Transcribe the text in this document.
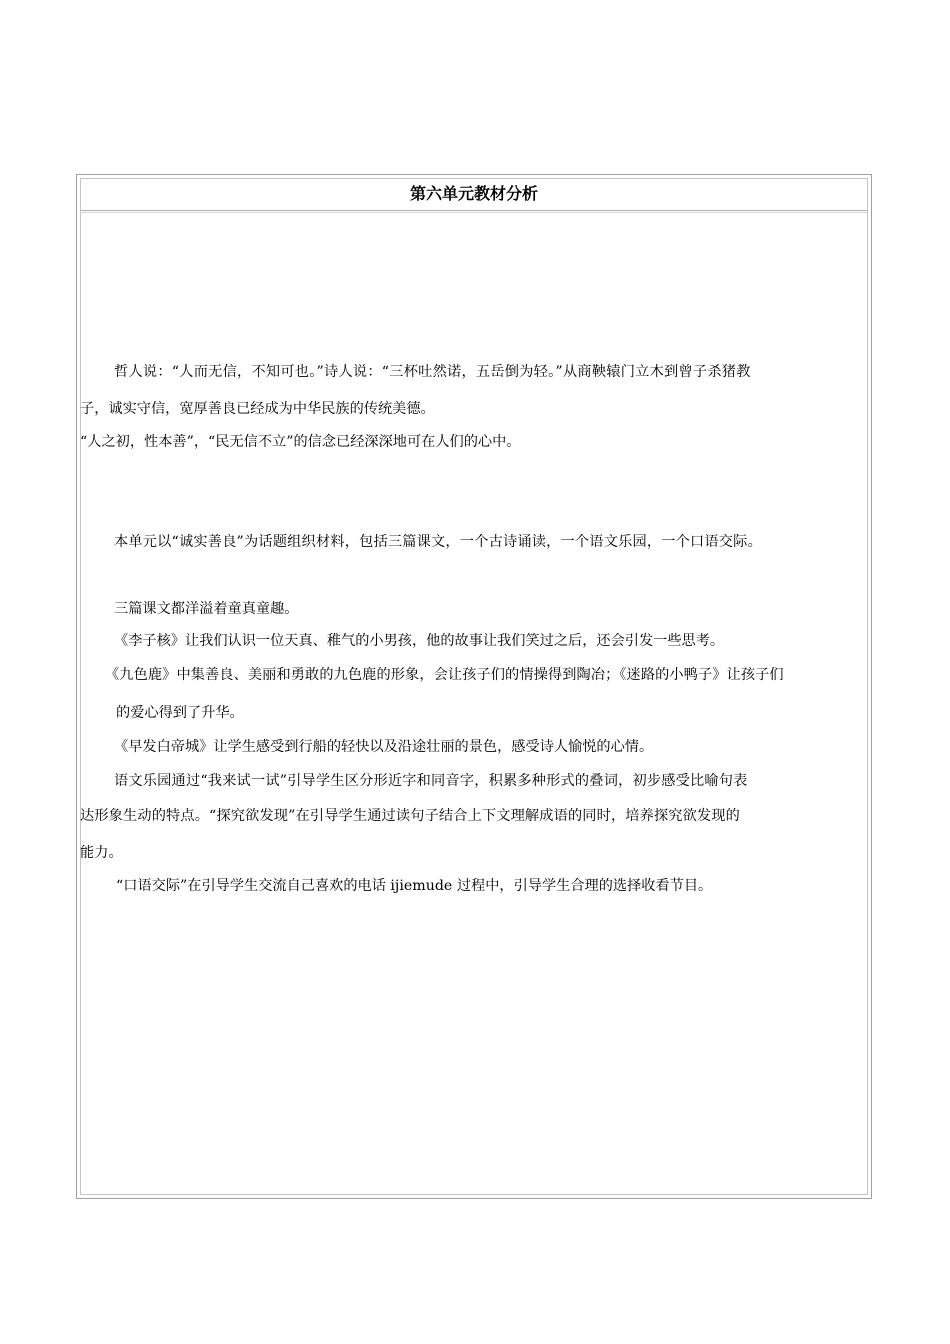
第六单元教材分析
哲人说：“人而无信，不知可也。”诗人说：“三杯吐然诺，五岳倒为轻。”从商鞅辕门立木到曾子杀猪教
子，诚实守信，宽厚善良已经成为中华民族的传统美德。
“人之初，性本善”，“民无信不立”的信念已经深深地可在人们的心中。
本单元以“诚实善良”为话题组织材料，包括三篇课文，一个古诗诵读，一个语文乐园，一个口语交际。
三篇课文都洋溢着童真童趣。
《李子核》让我们认识一位天真、稚气的小男孩，他的故事让我们笑过之后，还会引发一些思考。
《九色鹿》中集善良、美丽和勇敢的九色鹿的形象，会让孩子们的情操得到陶冶；《迷路的小鸭子》让孩子们
的爱心得到了升华。
《早发白帝城》让学生感受到行船的轻快以及沿途壮丽的景色，感受诗人愉悦的心情。
语文乐园通过“我来试一试”引导学生区分形近字和同音字，积累多种形式的叠词，初步感受比喻句表
达形象生动的特点。“探究欲发现”在引导学生通过读句子结合上下文理解成语的同时，培养探究欲发现的
能力。
“口语交际”在引导学生交流自己喜欢的电话 ijiemude 过程中，引导学生合理的选择收看节目。
